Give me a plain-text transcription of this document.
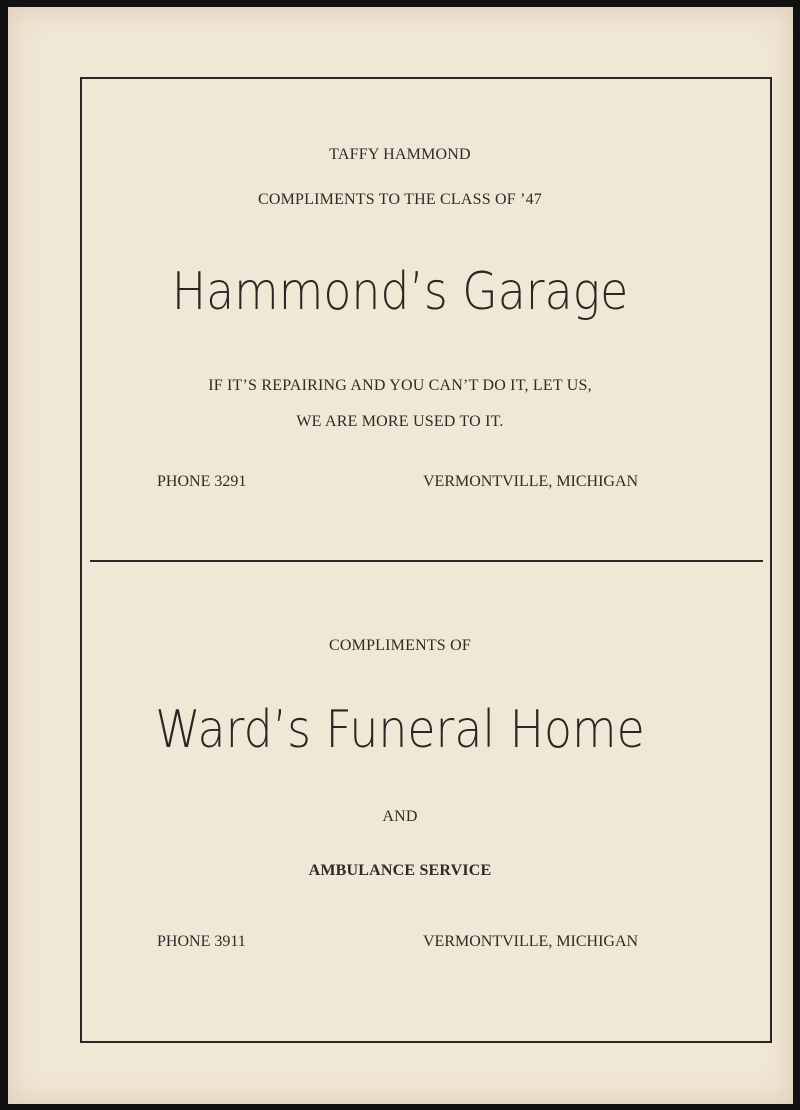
TAFFY HAMMOND
COMPLIMENTS TO THE CLASS OF ’47
Hammond’s Garage
IF IT’S REPAIRING AND YOU CAN’T DO IT, LET US,
WE ARE MORE USED TO IT.
PHONE 3291	VERMONTVILLE, MICHIGAN
COMPLIMENTS OF
Ward’s Funeral Home
AND
AMBULANCE SERVICE
PHONE 3911	VERMONTVILLE, MICHIGAN
